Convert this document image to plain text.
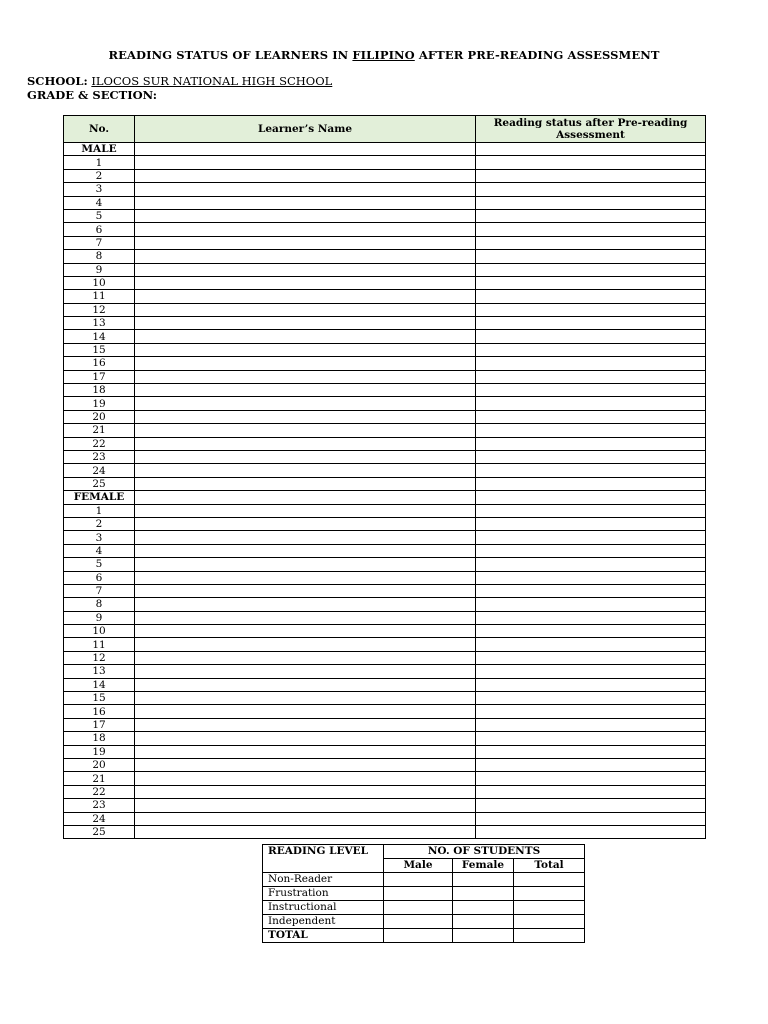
READING STATUS OF LEARNERS IN FILIPINO AFTER PRE-READING ASSESSMENT
SCHOOL: ILOCOS SUR NATIONAL HIGH SCHOOL
GRADE & SECTION:
No.	Learner’s Name	Reading status after Pre-reading Assessment
MALE		
1		
2		
3		
4		
5		
6		
7		
8		
9		
10		
11		
12		
13		
14		
15		
16		
17		
18		
19		
20		
21		
22		
23		
24		
25		
FEMALE		
1		
2		
3		
4		
5		
6		
7		
8		
9		
10		
11		
12		
13		
14		
15		
16		
17		
18		
19		
20		
21		
22		
23		
24		
25		
READING LEVEL	NO. OF STUDENTS		
	Male	Female	Total
Non-Reader			
Frustration			
Instructional			
Independent			
TOTAL			
